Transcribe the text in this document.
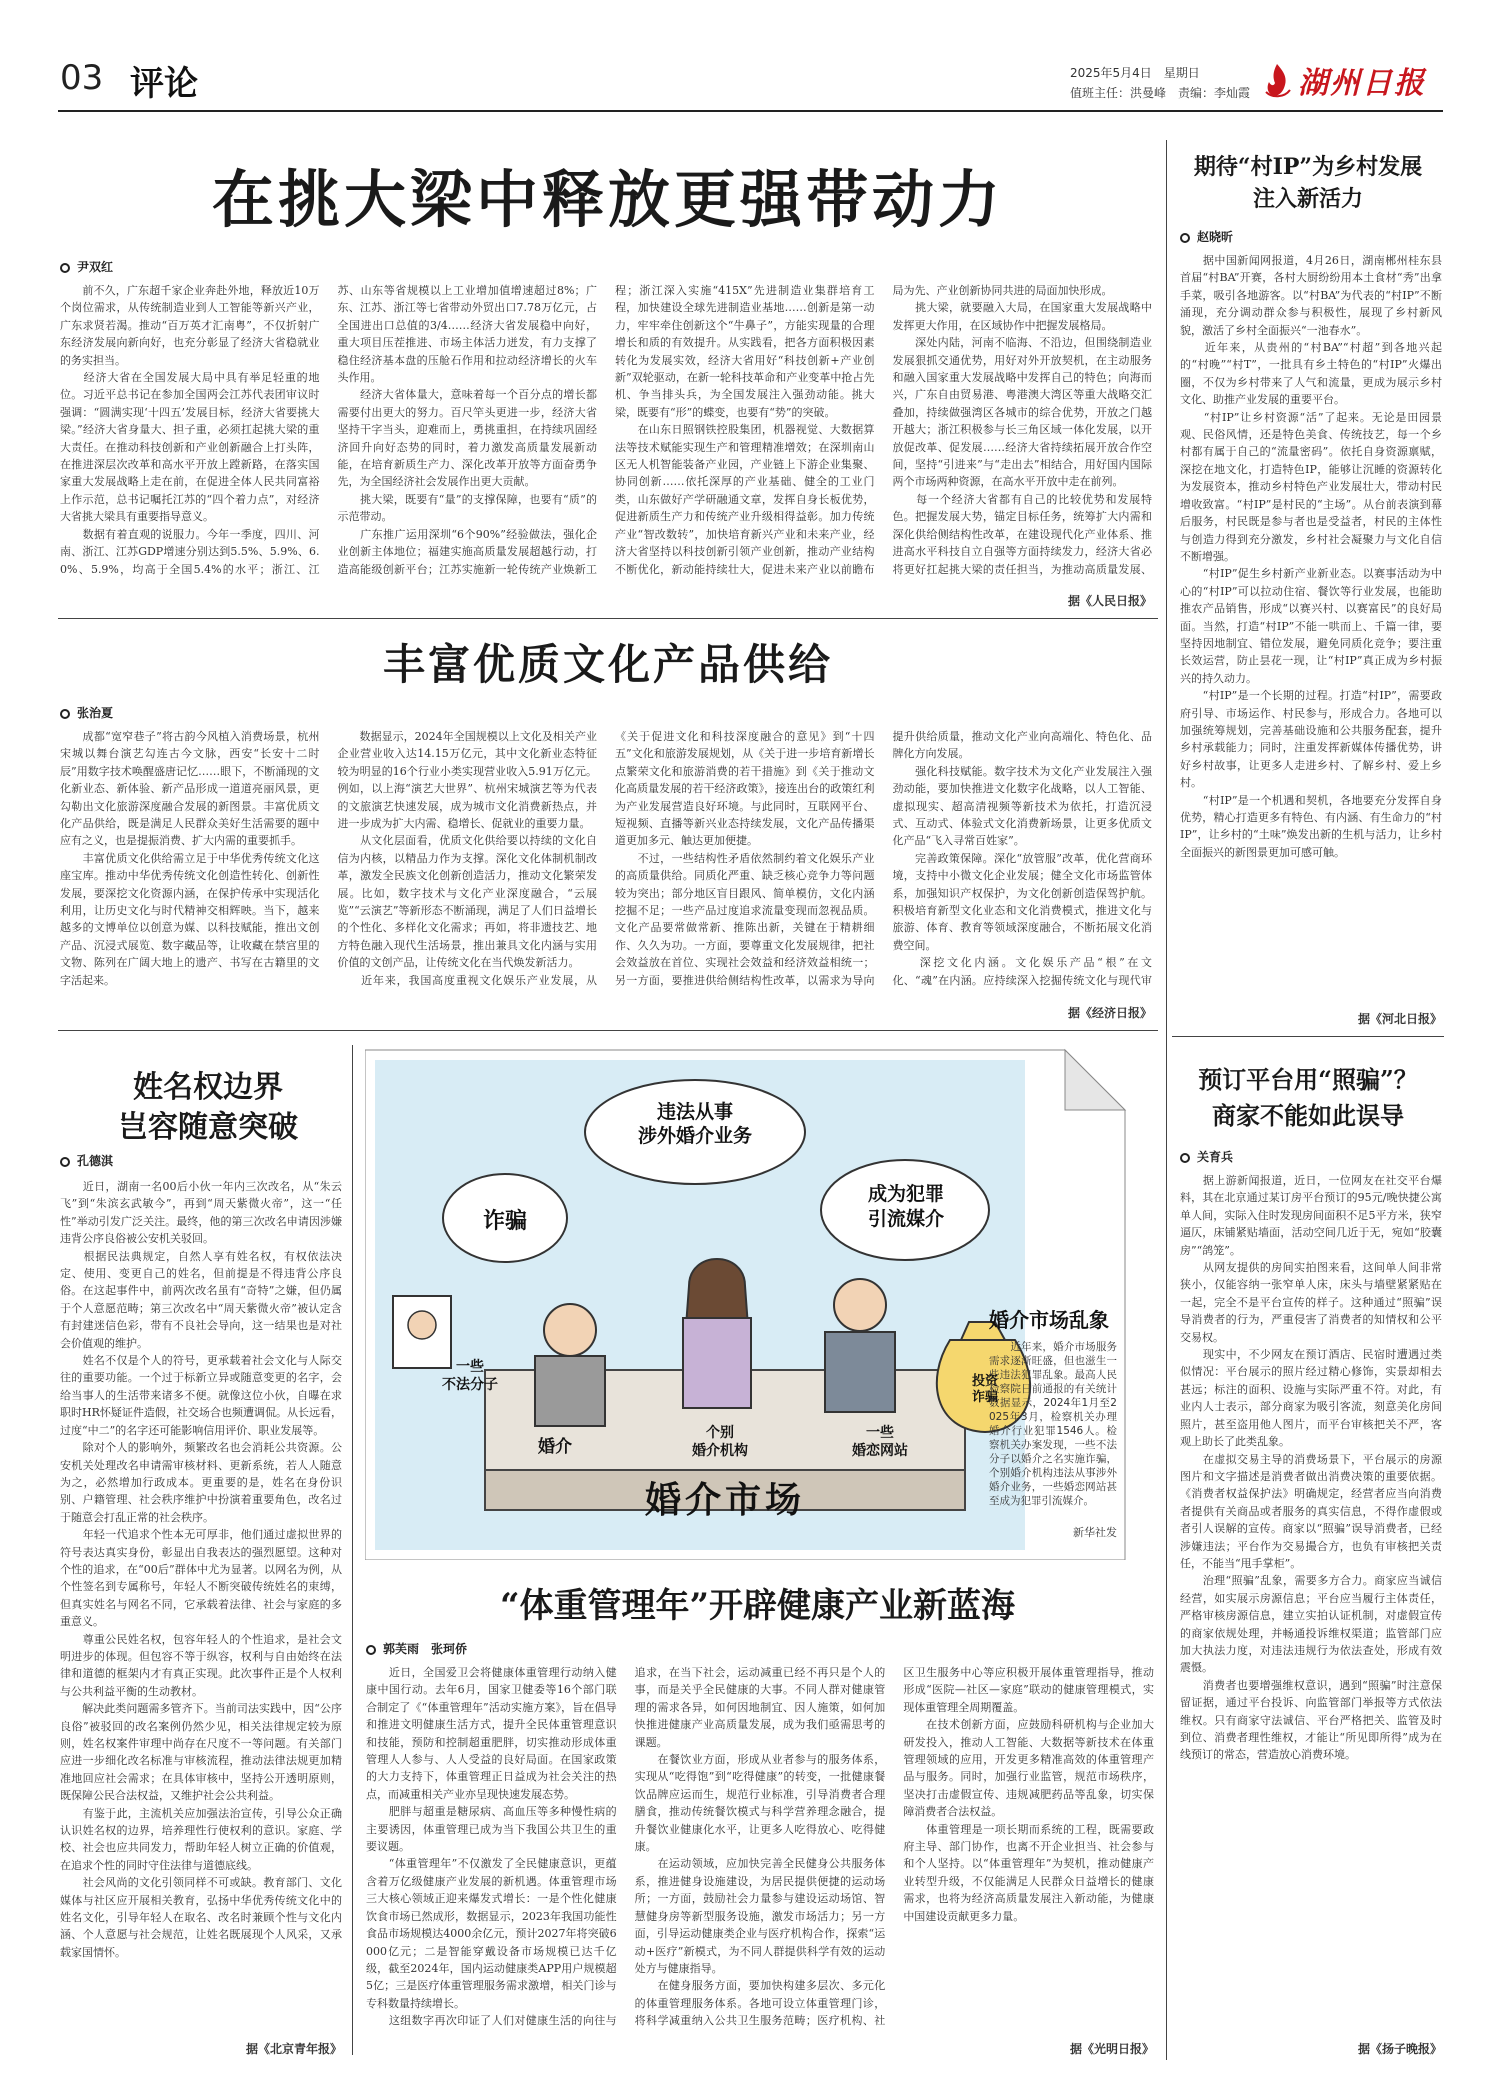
03 评论	2025年5月4日　星期日
值班主任：洪曼峰　责编：李灿霞 湖州日报
在挑大梁中释放更强带动力
尹双红
　　前不久，广东超千家企业奔赴外地，释放近10万个岗位需求，从传统制造业到人工智能等新兴产业，广东求贤若渴。推动“百万英才汇南粤”，不仅折射广东经济发展向新向好，也充分彰显了经济大省稳就业的务实担当。
　　经济大省在全国发展大局中具有举足轻重的地位。习近平总书记在参加全国两会江苏代表团审议时强调：“圆满实现‘十四五’发展目标，经济大省要挑大梁。”经济大省身量大、担子重，必须扛起挑大梁的重大责任。在推动科技创新和产业创新融合上打头阵，在推进深层次改革和高水平开放上蹚新路，在落实国家重大发展战略上走在前，在促进全体人民共同富裕上作示范，总书记嘱托江苏的“四个着力点”，对经济大省挑大梁具有重要指导意义。
　　数据有着直观的说服力。今年一季度，四川、河南、浙江、江苏GDP增速分别达到5.5%、5.9%、6.0%、5.9%，均高于全国5.4%的水平；浙江、江苏、山东等省规模以上工业增加值增速超过8%；广东、江苏、浙江等七省带动外贸出口7.78万亿元，占全国进出口总值的3/4……经济大省发展稳中向好，重大项目压茬推进、市场主体活力迸发，有力支撑了稳住经济基本盘的压舱石作用和拉动经济增长的火车头作用。
　　经济大省体量大，意味着每一个百分点的增长都需要付出更大的努力。百尺竿头更进一步，经济大省坚持干字当头，迎难而上，勇挑重担，在持续巩固经济回升向好态势的同时，着力激发高质量发展新动能，在培育新质生产力、深化改革开放等方面奋勇争先，为全国经济社会发展作出更大贡献。
　　挑大梁，既要有“量”的支撑保障，也要有“质”的示范带动。
　　广东推广运用深圳“6个90%”经验做法，强化企业创新主体地位；福建实施高质量发展超越行动，打造高能级创新平台；江苏实施新一轮传统产业焕新工程；浙江深入实施“415X”先进制造业集群培育工程，加快建设全球先进制造业基地……创新是第一动力，牢牢牵住创新这个“牛鼻子”，方能实现量的合理增长和质的有效提升。从实践看，把各方面积极因素转化为发展实效，经济大省用好“科技创新+产业创新”双轮驱动，在新一轮科技革命和产业变革中抢占先机、争当排头兵，为全国发展注入强劲动能。挑大梁，既要有“形”的蝶变，也要有“势”的突破。
　　在山东日照钢铁控股集团，机器视觉、大数据算法等技术赋能实现生产和管理精准增效；在深圳南山区无人机智能装备产业园，产业链上下游企业集聚、协同创新……依托深厚的产业基础、健全的工业门类，山东做好产学研融通文章，发挥自身长板优势，促进新质生产力和传统产业升级相得益彰。加力传统产业“智改数转”，加快培育新兴产业和未来产业，经济大省坚持以科技创新引领产业创新，推动产业结构不断优化，新动能持续壮大，促进未来产业以前瞻布局为先、产业创新协同共进的局面加快形成。
　　挑大梁，就要融入大局，在国家重大发展战略中发挥更大作用，在区域协作中把握发展格局。
　　深处内陆，河南不临海、不沿边，但围绕制造业发展狠抓交通优势，用好对外开放契机，在主动服务和融入国家重大发展战略中发挥自己的特色；向海而兴，广东自由贸易港、粤港澳大湾区等重大战略交汇叠加，持续做强湾区各城市的综合优势，开放之门越开越大；浙江积极参与长三角区域一体化发展，以开放促改革、促发展……经济大省持续拓展开放合作空间，坚持“引进来”与“走出去”相结合，用好国内国际两个市场两种资源，在高水平开放中走在前列。
　　每一个经济大省都有自己的比较优势和发展特色。把握发展大势，锚定目标任务，统筹扩大内需和深化供给侧结构性改革，在建设现代化产业体系、推进高水平科技自立自强等方面持续发力，经济大省必将更好扛起挑大梁的责任担当，为推动高质量发展、
据《人民日报》
丰富优质文化产品供给
张治夏
　　成都“宽窄巷子”将古韵今风植入消费场景，杭州宋城以舞台演艺勾连古今文脉，西安“长安十二时辰”用数字技术唤醒盛唐记忆……眼下，不断涌现的文化新业态、新体验、新产品形成一道道亮丽风景，更勾勒出文化旅游深度融合发展的新图景。丰富优质文化产品供给，既是满足人民群众美好生活需要的题中应有之义，也是提振消费、扩大内需的重要抓手。
　　丰富优质文化供给需立足于中华优秀传统文化这座宝库。推动中华优秀传统文化创造性转化、创新性发展，要深挖文化资源内涵，在保护传承中实现活化利用，让历史文化与时代精神交相辉映。当下，越来越多的文博单位以创意为媒、以科技赋能，推出文创产品、沉浸式展览、数字藏品等，让收藏在禁宫里的文物、陈列在广阔大地上的遗产、书写在古籍里的文字活起来。
　　数据显示，2024年全国规模以上文化及相关产业企业营业收入达14.15万亿元，其中文化新业态特征较为明显的16个行业小类实现营业收入5.91万亿元。例如，以上海“演艺大世界”、杭州宋城演艺等为代表的文旅演艺快速发展，成为城市文化消费新热点，并进一步成为扩大内需、稳增长、促就业的重要力量。
　　从文化层面看，优质文化供给要以持续的文化自信为内核，以精品力作为支撑。深化文化体制机制改革，激发全民族文化创新创造活力，推动文化繁荣发展。比如，数字技术与文化产业深度融合，“云展览”“云演艺”等新形态不断涌现，满足了人们日益增长的个性化、多样化文化需求；再如，将非遗技艺、地方特色融入现代生活场景，推出兼具文化内涵与实用价值的文创产品，让传统文化在当代焕发新活力。
　　近年来，我国高度重视文化娱乐产业发展，从《关于促进文化和科技深度融合的意见》到“十四五”文化和旅游发展规划，从《关于进一步培育新增长点繁荣文化和旅游消费的若干措施》到《关于推动文化高质量发展的若干经济政策》，接连出台的政策红利为产业发展营造良好环境。与此同时，互联网平台、短视频、直播等新兴业态持续发展，文化产品传播渠道更加多元、触达更加便捷。
　　不过，一些结构性矛盾依然制约着文化娱乐产业的高质量供给。同质化严重、缺乏核心竞争力等问题较为突出；部分地区盲目跟风、简单模仿，文化内涵挖掘不足；一些产品过度追求流量变现而忽视品质。文化产品要常做常新、推陈出新，关键在于精耕细作、久久为功。一方面，要尊重文化发展规律，把社会效益放在首位、实现社会效益和经济效益相统一；另一方面，要推进供给侧结构性改革，以需求为导向提升供给质量，推动文化产业向高端化、特色化、品牌化方向发展。
　　强化科技赋能。数字技术为文化产业发展注入强劲动能，要加快推进文化数字化战略，以人工智能、虚拟现实、超高清视频等新技术为依托，打造沉浸式、互动式、体验式文化消费新场景，让更多优质文化产品“飞入寻常百姓家”。
　　完善政策保障。深化“放管服”改革，优化营商环境，支持中小微文化企业发展；健全文化市场监管体系，加强知识产权保护，为文化创新创造保驾护航。积极培育新型文化业态和文化消费模式，推进文化与旅游、体育、教育等领域深度融合，不断拓展文化消费空间。
　　深挖文化内涵。文化娱乐产品“根”在文化、“魂”在内涵。应持续深入挖掘传统文化与现代审
据《经济日报》
姓名权边界
岂容随意突破
孔德淇
　　近日，湖南一名00后小伙一年内三次改名，从“朱云飞”到“朱滨玄武敏今”，再到“周天紫微火帝”，这一“任性”举动引发广泛关注。最终，他的第三次改名申请因涉嫌违背公序良俗被公安机关驳回。
　　根据民法典规定，自然人享有姓名权，有权依法决定、使用、变更自己的姓名，但前提是不得违背公序良俗。在这起事件中，前两次改名虽有“奇特”之嫌，但仍属于个人意愿范畴；第三次改名中“周天紫微火帝”被认定含有封建迷信色彩，带有不良社会导向，这一结果也是对社会价值观的维护。
　　姓名不仅是个人的符号，更承载着社会文化与人际交往的重要功能。一个过于标新立异或随意变更的名字，会给当事人的生活带来诸多不便。就像这位小伙，自曝在求职时HR怀疑证件造假，社交场合也频遭调侃。从长远看，过度“中二”的名字还可能影响信用评价、职业发展等。
　　除对个人的影响外，频繁改名也会消耗公共资源。公安机关处理改名申请需审核材料、更新系统，若人人随意为之，必然增加行政成本。更重要的是，姓名在身份识别、户籍管理、社会秩序维护中扮演着重要角色，改名过于随意会打乱正常的社会秩序。
　　年轻一代追求个性本无可厚非，他们通过虚拟世界的符号表达真实身份，彰显出自我表达的强烈愿望。这种对个性的追求，在“00后”群体中尤为显著。以网名为例，从个性签名到专属称号，年轻人不断突破传统姓名的束缚，但真实姓名与网名不同，它承载着法律、社会与家庭的多重意义。
　　尊重公民姓名权，包容年轻人的个性追求，是社会文明进步的体现。但包容不等于纵容，权利与自由始终在法律和道德的框架内才有真正实现。此次事件正是个人权利与公共利益平衡的生动教材。
　　解决此类问题需多管齐下。当前司法实践中，因“公序良俗”被驳回的改名案例仍然少见，相关法律规定较为原则，姓名权案件审理中尚存在尺度不一等问题。有关部门应进一步细化改名标准与审核流程，推动法律法规更加精准地回应社会需求；在具体审核中，坚持公开透明原则，既保障公民合法权益，又维护社会公共利益。
　　有鉴于此，主流机关应加强法治宣传，引导公众正确认识姓名权的边界，培养理性行使权利的意识。家庭、学校、社会也应共同发力，帮助年轻人树立正确的价值观，在追求个性的同时守住法律与道德底线。
　　社会风尚的文化引领同样不可或缺。教育部门、文化媒体与社区应开展相关教育，弘扬中华优秀传统文化中的姓名文化，引导年轻人在取名、改名时兼顾个性与文化内涵、个人意愿与社会规范，让姓名既展现个人风采，又承载家国情怀。
据《北京青年报》
违法从事
涉外婚介业务
诈骗
成为犯罪
引流媒介
一些
不法分子	投资
诈骗
婚介
个别
婚介机构
一些
婚恋网站
婚介市场
婚介市场乱象
　　近年来，婚介市场服务需求逐渐旺盛，但也滋生一些违法犯罪乱象。最高人民检察院日前通报的有关统计数据显示，2024年1月至2025年3月，检察机关办理婚介行业犯罪1546人。检察机关办案发现，一些不法分子以婚介之名实施诈骗，个别婚介机构违法从事涉外婚介业务，一些婚恋网站甚至成为犯罪引流媒介。
新华社发
“体重管理年”开辟健康产业新蓝海
郭芙雨　张珂侨
　　近日，全国爱卫会将健康体重管理行动纳入健康中国行动。去年6月，国家卫健委等16个部门联合制定了《“体重管理年”活动实施方案》，旨在倡导和推进文明健康生活方式，提升全民体重管理意识和技能，预防和控制超重肥胖，切实推动形成体重管理人人参与、人人受益的良好局面。在国家政策的大力支持下，体重管理正日益成为社会关注的热点，而减重相关产业亦呈现快速发展态势。
　　肥胖与超重是糖尿病、高血压等多种慢性病的主要诱因，体重管理已成为当下我国公共卫生的重要议题。
　　“体重管理年”不仅激发了全民健康意识，更蕴含着万亿级健康产业发展的新机遇。体重管理市场三大核心领域正迎来爆发式增长：一是个性化健康饮食市场已然成形，数据显示，2023年我国功能性食品市场规模达4000余亿元，预计2027年将突破6000亿元；二是智能穿戴设备市场规模已达千亿级，截至2024年，国内运动健康类APP用户规模超5亿；三是医疗体重管理服务需求激增，相关门诊与专科数量持续增长。
　　这组数字再次印证了人们对健康生活的向往与追求，在当下社会，运动减重已经不再只是个人的事，而是关乎全民健康的大事。不同人群对健康管理的需求各异，如何因地制宜、因人施策，如何加快推进健康产业高质量发展，成为我们亟需思考的课题。
　　在餐饮业方面，形成从业者参与的服务体系，实现从“吃得饱”到“吃得健康”的转变，一批健康餐饮品牌应运而生，规范行业标准，引导消费者合理膳食，推动传统餐饮模式与科学营养理念融合，提升餐饮业健康化水平，让更多人吃得放心、吃得健康。
　　在运动领域，应加快完善全民健身公共服务体系，推进健身设施建设，为居民提供便捷的运动场所；一方面，鼓励社会力量参与建设运动场馆、智慧健身房等新型服务设施，激发市场活力；另一方面，引导运动健康类企业与医疗机构合作，探索“运动+医疗”新模式，为不同人群提供科学有效的运动处方与健康指导。
　　在健身服务方面，要加快构建多层次、多元化的体重管理服务体系。各地可设立体重管理门诊，将科学减重纳入公共卫生服务范畴；医疗机构、社区卫生服务中心等应积极开展体重管理指导，推动形成“医院—社区—家庭”联动的健康管理模式，实现体重管理全周期覆盖。
　　在技术创新方面，应鼓励科研机构与企业加大研发投入，推动人工智能、大数据等新技术在体重管理领域的应用，开发更多精准高效的体重管理产品与服务。同时，加强行业监管，规范市场秩序，坚决打击虚假宣传、违规减肥药品等乱象，切实保障消费者合法权益。
　　体重管理是一项长期而系统的工程，既需要政府主导、部门协作，也离不开企业担当、社会参与和个人坚持。以“体重管理年”为契机，推动健康产业转型升级，不仅能满足人民群众日益增长的健康需求，也将为经济高质量发展注入新动能，为健康中国建设贡献更多力量。
据《光明日报》
期待“村IP”为乡村发展
注入新活力
赵晓昕
　　据中国新闻网报道，4月26日，湖南郴州桂东县首届“村BA”开赛，各村大厨纷纷用本土食材“秀”出拿手菜，吸引各地游客。以“村BA”为代表的“村IP”不断涌现，充分调动群众参与积极性，展现了乡村新风貌，激活了乡村全面振兴“一池春水”。
　　近年来，从贵州的“村BA”“村超”到各地兴起的“村晚”“村T”，一批具有乡土特色的“村IP”火爆出圈，不仅为乡村带来了人气和流量，更成为展示乡村文化、助推产业发展的重要平台。
　　“村IP”让乡村资源“活”了起来。无论是田园景观、民俗风情，还是特色美食、传统技艺，每一个乡村都有属于自己的“流量密码”。依托自身资源禀赋，深挖在地文化，打造特色IP，能够让沉睡的资源转化为发展资本，推动乡村特色产业发展壮大，带动村民增收致富。“村IP”是村民的“主场”。从台前表演到幕后服务，村民既是参与者也是受益者，村民的主体性与创造力得到充分激发，乡村社会凝聚力与文化自信不断增强。
　　“村IP”促生乡村新产业新业态。以赛事活动为中心的“村IP”可以拉动住宿、餐饮等行业发展，也能助推农产品销售，形成“以赛兴村、以赛富民”的良好局面。当然，打造“村IP”不能一哄而上、千篇一律，要坚持因地制宜、错位发展，避免同质化竞争；要注重长效运营，防止昙花一现，让“村IP”真正成为乡村振兴的持久动力。
　　“村IP”是一个长期的过程。打造“村IP”，需要政府引导、市场运作、村民参与，形成合力。各地可以加强统筹规划，完善基础设施和公共服务配套，提升乡村承载能力；同时，注重发挥新媒体传播优势，讲好乡村故事，让更多人走进乡村、了解乡村、爱上乡村。
　　“村IP”是一个机遇和契机，各地要充分发挥自身优势，精心打造更多有特色、有内涵、有生命力的“村IP”，让乡村的“土味”焕发出新的生机与活力，让乡村全面振兴的新图景更加可感可触。
据《河北日报》
预订平台用“照骗”？
商家不能如此误导
关育兵
　　据上游新闻报道，近日，一位网友在社交平台爆料，其在北京通过某订房平台预订的95元/晚快捷公寓单人间，实际入住时发现房间面积不足5平方米，狭窄逼仄，床铺紧贴墙面，活动空间几近于无，宛如“胶囊房”“鸽笼”。
　　从网友提供的房间实拍图来看，这间单人间非常狭小，仅能容纳一张窄单人床，床头与墙壁紧紧贴在一起，完全不是平台宣传的样子。这种通过“照骗”误导消费者的行为，严重侵害了消费者的知情权和公平交易权。
　　现实中，不少网友在预订酒店、民宿时遭遇过类似情况：平台展示的照片经过精心修饰，实景却相去甚远；标注的面积、设施与实际严重不符。对此，有业内人士表示，部分商家为吸引客流，刻意美化房间照片，甚至盗用他人图片，而平台审核把关不严，客观上助长了此类乱象。
　　在虚拟交易主导的消费场景下，平台展示的房源图片和文字描述是消费者做出消费决策的重要依据。《消费者权益保护法》明确规定，经营者应当向消费者提供有关商品或者服务的真实信息，不得作虚假或者引人误解的宣传。商家以“照骗”误导消费者，已经涉嫌违法；平台作为交易撮合方，也负有审核把关责任，不能当“甩手掌柜”。
　　治理“照骗”乱象，需要多方合力。商家应当诚信经营，如实展示房源信息；平台应当履行主体责任，严格审核房源信息，建立实拍认证机制，对虚假宣传的商家依规处理，并畅通投诉维权渠道；监管部门应加大执法力度，对违法违规行为依法查处，形成有效震慑。
　　消费者也要增强维权意识，遇到“照骗”时注意保留证据，通过平台投诉、向监管部门举报等方式依法维权。只有商家守法诚信、平台严格把关、监管及时到位、消费者理性维权，才能让“所见即所得”成为在线预订的常态，营造放心消费环境。
据《扬子晚报》
